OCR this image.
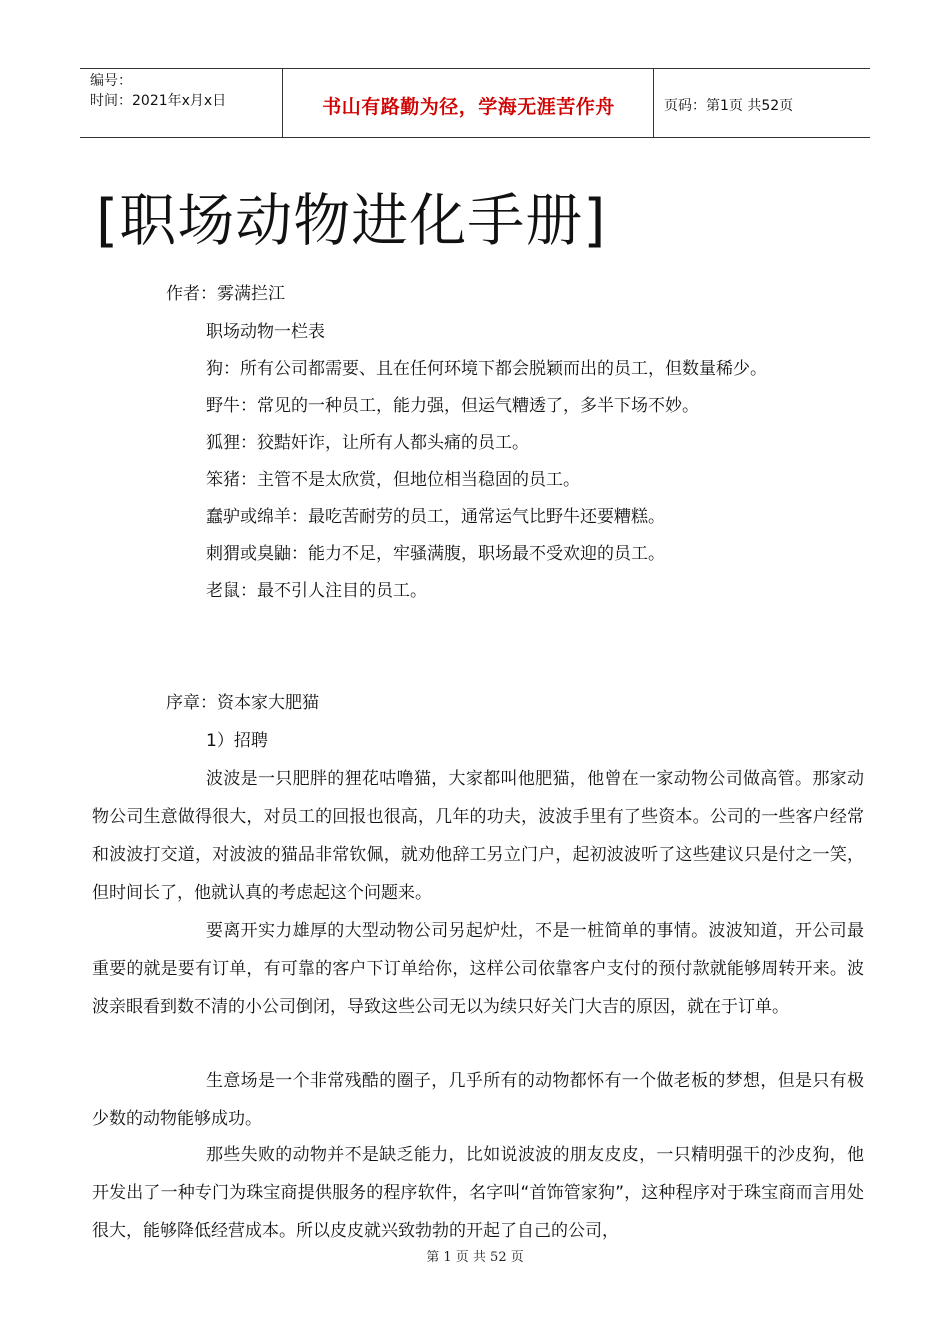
编号：
时间：2021年x月x日	书山有路勤为径，学海无涯苦作舟	页码：第1页 共52页
[职场动物进化手册]
作者：雾满拦江
职场动物一栏表
狗：所有公司都需要、且在任何环境下都会脱颖而出的员工，但数量稀少。
野牛：常见的一种员工，能力强，但运气糟透了，多半下场不妙。
狐狸：狡黠奸诈，让所有人都头痛的员工。
笨猪：主管不是太欣赏，但地位相当稳固的员工。
蠢驴或绵羊：最吃苦耐劳的员工，通常运气比野牛还要糟糕。
刺猬或臭鼬：能力不足，牢骚满腹，职场最不受欢迎的员工。
老鼠：最不引人注目的员工。
序章：资本家大肥猫
1）招聘
波波是一只肥胖的狸花咕噜猫，大家都叫他肥猫，他曾在一家动物公司做高管。那家动物公司生意做得很大，对员工的回报也很高，几年的功夫，波波手里有了些资本。公司的一些客户经常和波波打交道，对波波的猫品非常钦佩，就劝他辞工另立门户，起初波波听了这些建议只是付之一笑，但时间长了，他就认真的考虑起这个问题来。
要离开实力雄厚的大型动物公司另起炉灶，不是一桩简单的事情。波波知道，开公司最重要的就是要有订单，有可靠的客户下订单给你，这样公司依靠客户支付的预付款就能够周转开来。波波亲眼看到数不清的小公司倒闭，导致这些公司无以为续只好关门大吉的原因，就在于订单。
生意场是一个非常残酷的圈子，几乎所有的动物都怀有一个做老板的梦想，但是只有极少数的动物能够成功。
那些失败的动物并不是缺乏能力，比如说波波的朋友皮皮，一只精明强干的沙皮狗，他开发出了一种专门为珠宝商提供服务的程序软件，名字叫“首饰管家狗”，这种程序对于珠宝商而言用处很大，能够降低经营成本。所以皮皮就兴致勃勃的开起了自己的公司，
第 1 页 共 52 页
